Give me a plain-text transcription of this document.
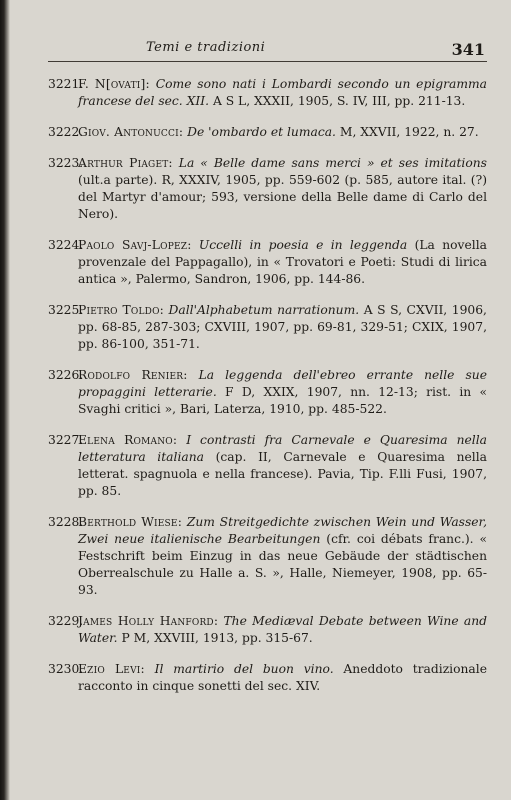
Temi e tradizioni	341
3221.
F. N[ovati]: Come sono nati i Lombardi secondo un epigramma francese del sec. XII. A S L, XXXII, 1905, S. IV, III, pp. 211-13.
3222.
Giov. Antonucci: De 'ombardo et lumaca. M, XXVII, 1922, n. 27.
3223.
Arthur Piaget: La « Belle dame sans merci » et ses imitations (ult.a parte). R, XXXIV, 1905, pp. 559-602 (p. 585, autore ital. (?) del Martyr d'amour; 593, versione della Belle dame di Carlo del Nero).
3224.
Paolo Savj-Lopez: Uccelli in poesia e in leggenda (La novella provenzale del Pappagallo), in « Trovatori e Poeti: Studi di lirica antica », Palermo, Sandron, 1906, pp. 144-86.
3225.
Pietro Toldo: Dall'Alphabetum narrationum. A S S, CXVII, 1906, pp. 68-85, 287-303; CXVIII, 1907, pp. 69-81, 329-51; CXIX, 1907, pp. 86-100, 351-71.
3226.
Rodolfo Renier: La leggenda dell'ebreo errante nelle sue propaggini letterarie. F D, XXIX, 1907, nn. 12-13; rist. in « Svaghi critici », Bari, Laterza, 1910, pp. 485-522.
3227.
Elena Romano: I contrasti fra Carnevale e Quaresima nella letteratura italiana (cap. II, Carnevale e Quaresima nella letterat. spagnuola e nella francese). Pavia, Tip. F.lli Fusi, 1907, pp. 85.
3228.
Berthold Wiese: Zum Streitgedichte zwischen Wein und Wasser, Zwei neue italienische Bearbeitungen (cfr. coi débats franc.). « Festschrift beim Einzug in das neue Gebäude der städtischen Oberrealschule zu Halle a. S. », Halle, Niemeyer, 1908, pp. 65-93.
3229.
James Holly Hanford: The Mediæval Debate between Wine and Water. P M, XXVIII, 1913, pp. 315-67.
3230.
Ezio Levi: Il martirio del buon vino. Aneddoto tradizionale racconto in cinque sonetti del sec. XIV.
